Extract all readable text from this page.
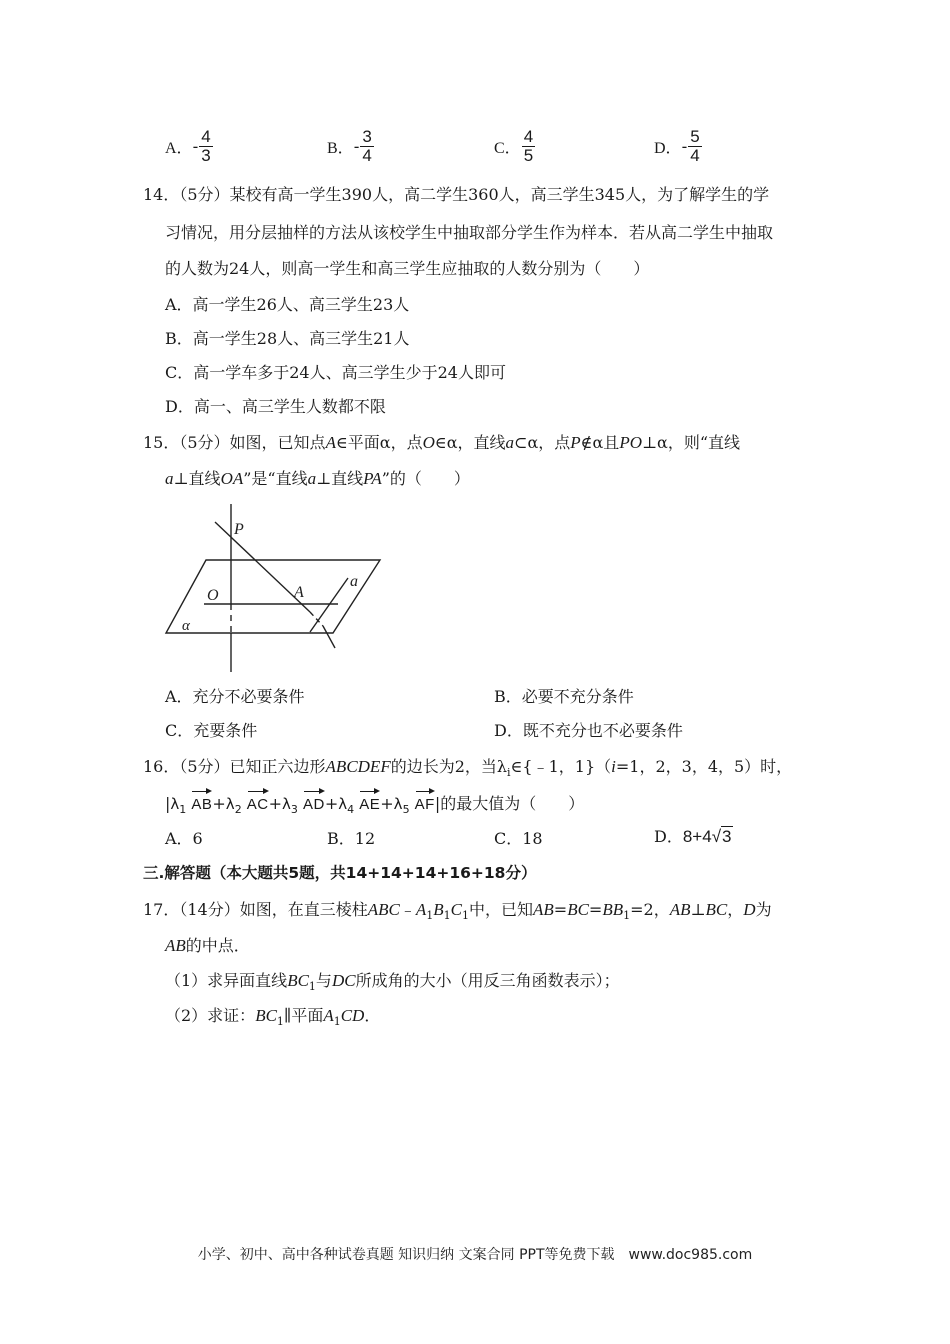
A．- $\frac{4}{3}$	B．- $\frac{3}{4}$	C． $\frac{4}{5}$	D．- $\frac{5}{4}$
14．（5分）某校有高一学生390人，高二学生360人，高三学生345人，为了解学生的学
习情况，用分层抽样的方法从该校学生中抽取部分学生作为样本．若从高二学生中抽取
的人数为24人，则高一学生和高三学生应抽取的人数分别为（　　）
A．高一学生26人、高三学生23人
B．高一学生28人、高三学生21人
C．高一学车多于24人、高三学生少于24人即可
D．高一、高三学生人数都不限
15．（5分）如图，已知点A∈平面α，点O∈α，直线a⊂α，点P∉α且PO⊥α，则“直线
a⊥直线OA”是“直线a⊥直线PA”的（　　）
P
O	A
a
α
A．充分不必要条件	B．必要不充分条件
C．充要条件	D．既不充分也不必要条件
16．（5分）已知正六边形ABCDEF的边长为2，当$\lambda_i\in\{﹣1$，1}（i=1，2，3，4，5）时，
$|\lambda_1$ $AB+\lambda_2$ $AC+\lambda_3$ $AD+\lambda_4$ $AE+\lambda_5$ AF|的最大值为（　　）
A．6	B．12	C．18	D．8+4√3
三.解答题（本大题共5题，共14+14+14+16+18分）
17．（14分）如图，在直三棱柱$ABC﹣A_1B_1C_1$中，已知$AB=BC=BB_1=2$，AB⊥BC，D为
AB的中点．
（1）求异面直线$BC_1$与DC所成角的大小（用反三角函数表示）；
（2）求证：$BC_1\parallel$平面$A_1CD$．
小学、初中、高中各种试卷真题 知识归纳 文案合同 PPT等免费下载　www.doc985.com
